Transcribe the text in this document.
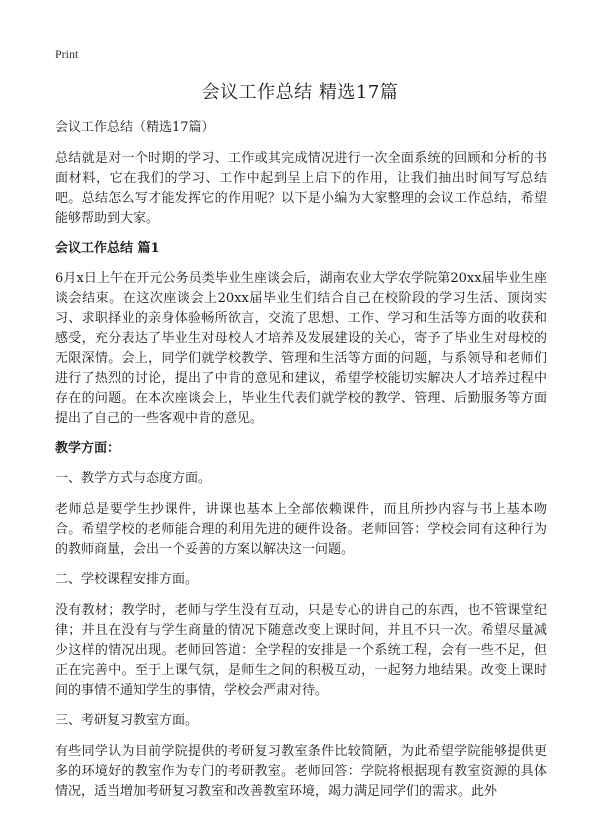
Print
会议工作总结 精选17篇
会议工作总结（精选17篇）

总结就是对一个时期的学习、工作或其完成情况进行一次全面系统的回顾和分析的书面材料，它在我们的学习、工作中起到呈上启下的作用，让我们抽出时间写写总结吧。总结怎么写才能发挥它的作用呢？以下是小编为大家整理的会议工作总结，希望能够帮助到大家。

会议工作总结 篇1

6月x日上午在开元公务员类毕业生座谈会后，湖南农业大学农学院第20xx届毕业生座谈会结束。在这次座谈会上20xx届毕业生们结合自己在校阶段的学习生活、顶岗实习、求职择业的亲身体验畅所欲言，交流了思想、工作、学习和生活等方面的收获和感受，充分表达了毕业生对母校人才培养及发展建设的关心，寄予了毕业生对母校的无限深情。会上，同学们就学校教学、管理和生活等方面的问题，与系领导和老师们进行了热烈的讨论，提出了中肯的意见和建议，希望学校能切实解决人才培养过程中存在的问题。在本次座谈会上，毕业生代表们就学校的教学、管理、后勤服务等方面提出了自己的一些客观中肯的意见。

教学方面：
一、教学方式与态度方面。

老师总是要学生抄课件，讲课也基本上全部依赖课件，而且所抄内容与书上基本吻合。希望学校的老师能合理的利用先进的硬件设备。老师回答：学校会同有这种行为的教师商量，会出一个妥善的方案以解决这一问题。

二、学校课程安排方面。

没有教材；教学时，老师与学生没有互动，只是专心的讲自己的东西，也不管课堂纪律；并且在没有与学生商量的情况下随意改变上课时间，并且不只一次。希望尽量减少这样的情况出现。老师回答道：全学程的安排是一个系统工程，会有一些不足，但正在完善中。至于上课气氛，是师生之间的积极互动，一起努力地结果。改变上课时间的事情不通知学生的事情，学校会严肃对待。

三、考研复习教室方面。

有些同学认为目前学院提供的考研复习教室条件比较简陋，为此希望学院能够提供更多的环境好的教室作为专门的考研教室。老师回答：学院将根据现有教室资源的具体情况，适当增加考研复习教室和改善教室环境，竭力满足同学们的需求。此外
